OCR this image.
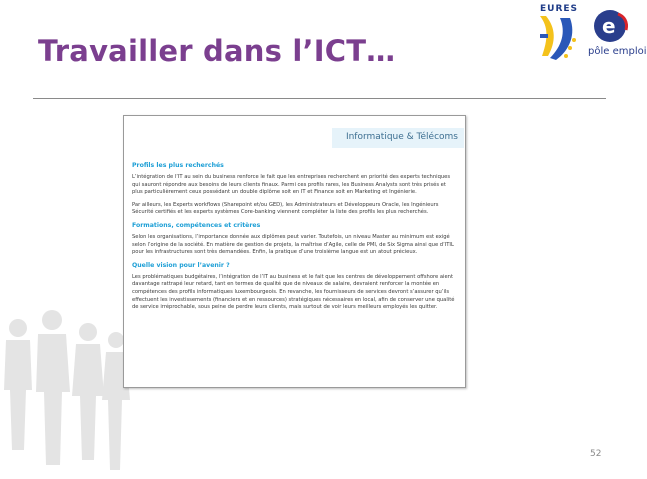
Travailler dans l’ICT…
EURES
e
pôle emploi
Informatique & Télécoms

Profils les plus recherchés

L’intégration de l’IT au sein du business renforce le fait que les entreprises recherchent en priorité des experts techniques qui sauront répondre aux besoins de leurs clients finaux. Parmi ces profils rares, les Business Analysts sont très prisés et plus particulièrement ceux possédant un double diplôme soit en IT et Finance soit en Marketing et Ingénierie.

Par ailleurs, les Experts workflows (Sharepoint et/ou GED), les Administrateurs et Développeurs Oracle, les Ingénieurs Sécurité certifiés et les experts systèmes Core-banking viennent compléter la liste des profils les plus recherchés.

Formations, compétences et critères

Selon les organisations, l’importance donnée aux diplômes peut varier. Toutefois, un niveau Master au minimum est exigé selon l’origine de la société. En matière de gestion de projets, la maîtrise d’Agile, celle de PMI, de Six Sigma ainsi que d’ITIL pour les infrastructures sont très demandées. Enfin, la pratique d’une troisième langue est un atout précieux.

Quelle vision pour l’avenir ?

Les problématiques budgétaires, l’intégration de l’IT au business et le fait que les centres de développement offshore aient davantage rattrapé leur retard, tant en termes de qualité que de niveaux de salaire, devraient renforcer la montée en compétences des profils informatiques luxembourgeois. En revanche, les fournisseurs de services devront s’assurer qu’ils effectuent les investissements (financiers et en ressources) stratégiques nécessaires en local, afin de conserver une qualité de service irréprochable, sous peine de perdre leurs clients, mais surtout de voir leurs meilleurs employés les quitter.

52
